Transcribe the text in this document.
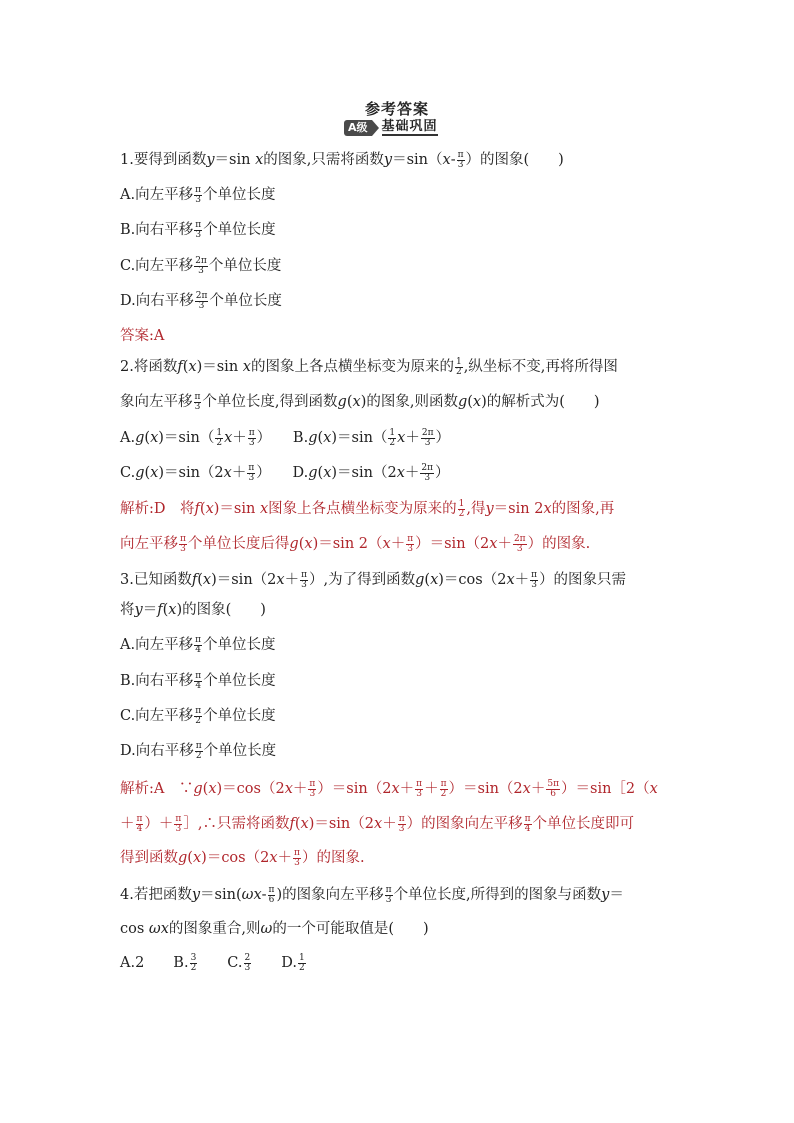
参考答案
A级	基础巩固
1.要得到函数y＝sin x的图象,只需将函数$y=\sin(x- \frac{\pi}{3}$ ）的图象(　　)
A.向左平移 $\frac{\pi}{3}$ 个单位长度
B.向右平移 $\frac{\pi}{3}$ 个单位长度
C.向左平移 $\frac{2\pi}{3}$ 个单位长度
D.向右平移 $\frac{2\pi}{3}$ 个单位长度
答案:A
2.将函数f(x)＝sin x的图象上各点横坐标变为原来的 $\frac{1}{2}$ ,纵坐标不变,再将所得图
象向左平移 $\frac{\pi}{3}$ 个单位长度,得到函数g(x)的图象,则函数g(x)的解析式为(　　)
$A.g(x)=\sin( \frac{1}{2} x+ \frac{\pi}{3}$ ）　　$B.g(x)=\sin( \frac{1}{2} x+ \frac{2\pi}{3}$ ）
$C.g(x)=\sin(2x+ \frac{\pi}{3}$ ）　　$D.g(x)=\sin(2x+ \frac{2\pi}{3}$ ）
解析:D　将f(x)＝sin x图象上各点横坐标变为原来的 $\frac{1}{2}$ ,得y＝sin 2x的图象,再
向左平移 $\frac{\pi}{3}$ 个单位长度后得g(x)＝sin $2(x+ \frac{\pi}{3} )=\sin(2x+ \frac{2\pi}{3}$ ）的图象.
3.已知函数$f(x)=\sin(2x+ \frac{\pi}{3}$ ）,为了得到函数$g(x)=\cos(2x+ \frac{\pi}{3}$ ）的图象只需
将y＝f(x)的图象(　　)
A.向左平移 $\frac{\pi}{4}$ 个单位长度
B.向右平移 $\frac{\pi}{4}$ 个单位长度
C.向左平移 $\frac{\pi}{2}$ 个单位长度
D.向右平移 $\frac{\pi}{2}$ 个单位长度
解析:A　∵g(x)＝cos（2x＋ $\frac{\pi}{3} )=\sin(2x+ \frac{\pi}{3} + \frac{\pi}{2} )=\sin(2x+ \frac{5\pi}{6}$ ）＝sin［2（x
＋ $\frac{\pi}{4}$ ）＋ $\frac{\pi}{3}$ ］,∴只需将函数$f(x)=\sin(2x+ \frac{\pi}{3}$ ）的图象向左平移 $\frac{\pi}{4}$ 个单位长度即可
得到函数$g(x)=\cos(2x+ \frac{\pi}{3}$ ）的图象.
4.若把函数$y=\sin(\omega x- \frac{\pi}{6}$ )的图象向左平移 $\frac{\pi}{3}$ 个单位长度,所得到的图象与函数y＝
cos ωx的图象重合,则ω的一个可能取值是(　　)
A.2　　B. $\frac{3}{2}$ 　　C. $\frac{2}{3}$ 　　D. $\frac{1}{2}$
